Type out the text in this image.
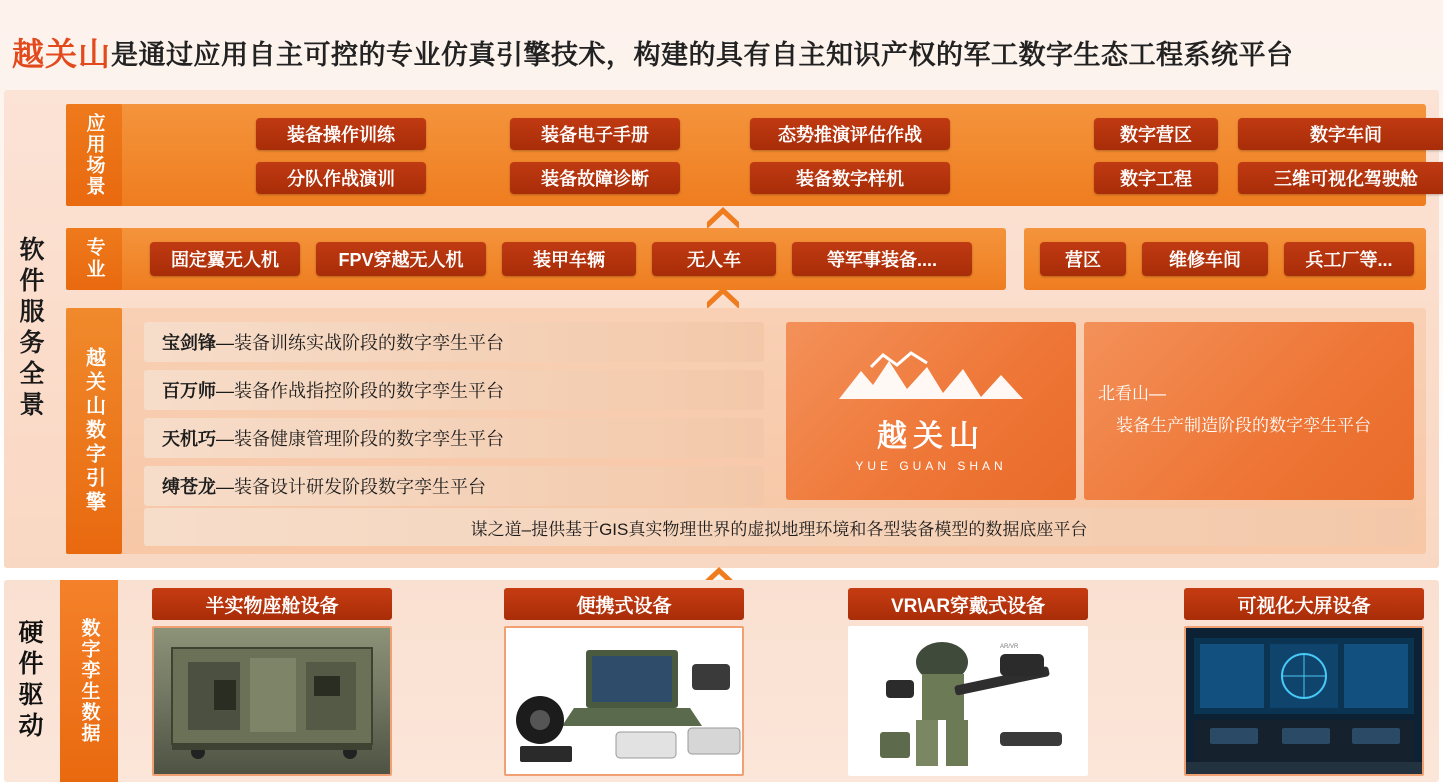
越关山 是通过应用自主可控的专业仿真引擎技术，构建的具有自主知识产权的军工数字生态工程系统平台
软件服务全景
应用场景	装备操作训练	装备电子手册	态势推演评估作战	数字营区	数字车间
分队作战演训	装备故障诊断	装备数字样机	数字工程	三维可视化驾驶舱
专业	固定翼无人机	FPV穿越无人机	装甲车辆	无人车	等军事装备....	营区	维修车间	兵工厂等...
越关山数字引擎
宝剑锋 —装备训练实战阶段的数字孪生平台
百万师 —装备作战指控阶段的数字孪生平台
天机巧 —装备健康管理阶段的数字孪生平台
缚苍龙 —装备设计研发阶段数字孪生平台
越关山
YUE GUAN SHAN
北看山—
装备生产制造阶段的数字孪生平台
谋之道–提供基于GIS真实物理世界的虚拟地理环境和各型装备模型的数据底座平台
硬件驱动	数字孪生数据
半实物座舱设备	便携式设备	VR\AR穿戴式设备
AR/VR
可视化大屏设备
